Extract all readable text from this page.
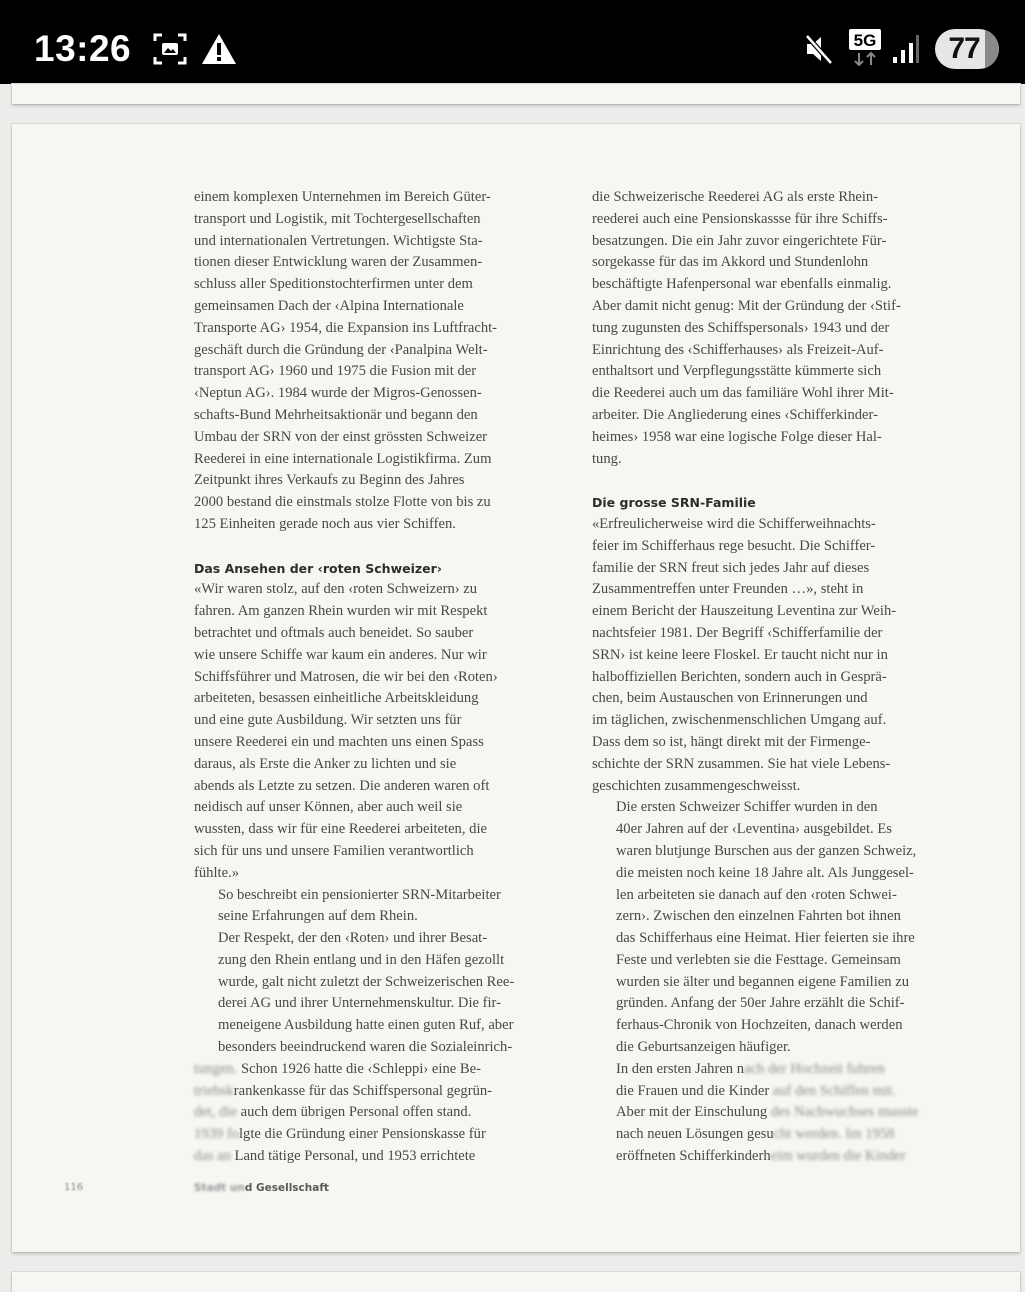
13:26	5G	77

einem komplexen Unternehmen im Bereich Güter-
transport und Logistik, mit Tochtergesellschaften
und internationalen Vertretungen. Wichtigste Sta-
tionen dieser Entwicklung waren der Zusammen-
schluss aller Speditionstochterfirmen unter dem
gemeinsamen Dach der ‹Alpina Internationale
Transporte AG› 1954, die Expansion ins Luftfracht-
geschäft durch die Gründung der ‹Panalpina Welt-
transport AG› 1960 und 1975 die Fusion mit der
‹Neptun AG›. 1984 wurde der Migros-Genossen-
schafts-Bund Mehrheitsaktionär und begann den
Umbau der SRN von der einst grössten Schweizer
Reederei in eine internationale Logistikfirma. Zum
Zeitpunkt ihres Verkaufs zu Beginn des Jahres
2000 bestand die einstmals stolze Flotte von bis zu
125 Einheiten gerade noch aus vier Schiffen.

Das Ansehen der ‹roten Schweizer›

«Wir waren stolz, auf den ‹roten Schweizern› zu
fahren. Am ganzen Rhein wurden wir mit Respekt
betrachtet und oftmals auch beneidet. So sauber
wie unsere Schiffe war kaum ein anderes. Nur wir
Schiffsführer und Matrosen, die wir bei den ‹Roten›
arbeiteten, besassen einheitliche Arbeitskleidung
und eine gute Ausbildung. Wir setzten uns für
unsere Reederei ein und machten uns einen Spass
daraus, als Erste die Anker zu lichten und sie
abends als Letzte zu setzen. Die anderen waren oft
neidisch auf unser Können, aber auch weil sie
wussten, dass wir für eine Reederei arbeiteten, die
sich für uns und unsere Familien verantwortlich
fühlte.»

So beschreibt ein pensionierter SRN-Mitarbeiter
seine Erfahrungen auf dem Rhein.

Der Respekt, der den ‹Roten› und ihrer Besat-
zung den Rhein entlang und in den Häfen gezollt
wurde, galt nicht zuletzt der Schweizerischen Ree-
derei AG und ihrer Unternehmenskultur. Die fir-
meneigene Ausbildung hatte einen guten Ruf, aber
besonders beeindruckend waren die Sozialeinrich-

tungen. Schon 1926 hatte die ‹Schleppi› eine Be-
triebskrankenkasse für das Schiffspersonal gegrün-
det, die auch dem übrigen Personal offen stand.
1939 folgte die Gründung einer Pensionskasse für
das an Land tätige Personal, und 1953 errichtete

die Schweizerische Reederei AG als erste Rhein-
reederei auch eine Pensionskassse für ihre Schiffs-
besatzungen. Die ein Jahr zuvor eingerichtete Für-
sorgekasse für das im Akkord und Stundenlohn
beschäftigte Hafenpersonal war ebenfalls einmalig.
Aber damit nicht genug: Mit der Gründung der ‹Stif-
tung zugunsten des Schiffspersonals› 1943 und der
Einrichtung des ‹Schifferhauses› als Freizeit-Auf-
enthaltsort und Verpflegungsstätte kümmerte sich
die Reederei auch um das familiäre Wohl ihrer Mit-
arbeiter. Die Angliederung eines ‹Schifferkinder-
heimes› 1958 war eine logische Folge dieser Hal-
tung.

Die grosse SRN-Familie

«Erfreulicherweise wird die Schifferweihnachts-
feier im Schifferhaus rege besucht. Die Schiffer-
familie der SRN freut sich jedes Jahr auf dieses
Zusammentreffen unter Freunden …», steht in
einem Bericht der Hauszeitung Leventina zur Weih-
nachtsfeier 1981. Der Begriff ‹Schifferfamilie der
SRN› ist keine leere Floskel. Er taucht nicht nur in
halboffiziellen Berichten, sondern auch in Gesprä-
chen, beim Austauschen von Erinnerungen und
im täglichen, zwischenmenschlichen Umgang auf.
Dass dem so ist, hängt direkt mit der Firmenge-
schichte der SRN zusammen. Sie hat viele Lebens-
geschichten zusammengeschweisst.

Die ersten Schweizer Schiffer wurden in den
40er Jahren auf der ‹Leventina› ausgebildet. Es
waren blutjunge Burschen aus der ganzen Schweiz,
die meisten noch keine 18 Jahre alt. Als Junggesel-
len arbeiteten sie danach auf den ‹roten Schwei-
zern›. Zwischen den einzelnen Fahrten bot ihnen
das Schifferhaus eine Heimat. Hier feierten sie ihre
Feste und verlebten sie die Festtage. Gemeinsam
wurden sie älter und begannen eigene Familien zu
gründen. Anfang der 50er Jahre erzählt die Schif-
ferhaus-Chronik von Hochzeiten, danach werden
die Geburtsanzeigen häufiger.

In den ersten Jahren nach der Hochzeit fuhren
die Frauen und die Kinder auf den Schiffen mit.
Aber mit der Einschulung des Nachwuchses musste
nach neuen Lösungen gesucht werden. Im 1958
eröffneten Schifferkinderheim wurden die Kinder

116	Stadt und Gesellschaft
